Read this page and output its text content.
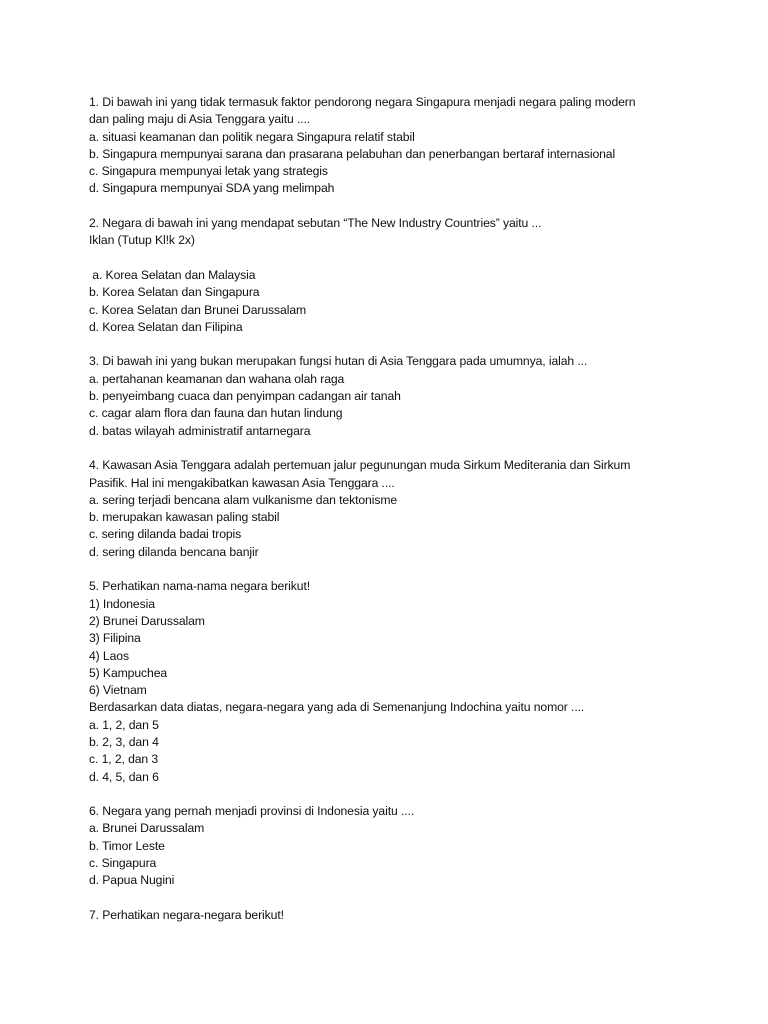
1. Di bawah ini yang tidak termasuk faktor pendorong negara Singapura menjadi negara paling modern
dan paling maju di Asia Tenggara yaitu ....
a. situasi keamanan dan politik negara Singapura relatif stabil
b. Singapura mempunyai sarana dan prasarana pelabuhan dan penerbangan bertaraf internasional
c. Singapura mempunyai letak yang strategis
d. Singapura mempunyai SDA yang melimpah
2. Negara di bawah ini yang mendapat sebutan “The New Industry Countries” yaitu ...
Iklan (Tutup Kl!k 2x)
a. Korea Selatan dan Malaysia
b. Korea Selatan dan Singapura
c. Korea Selatan dan Brunei Darussalam
d. Korea Selatan dan Filipina
3. Di bawah ini yang bukan merupakan fungsi hutan di Asia Tenggara pada umumnya, ialah ...
a. pertahanan keamanan dan wahana olah raga
b. penyeimbang cuaca dan penyimpan cadangan air tanah
c. cagar alam flora dan fauna dan hutan lindung
d. batas wilayah administratif antarnegara
4. Kawasan Asia Tenggara adalah pertemuan jalur pegunungan muda Sirkum Mediterania dan Sirkum
Pasifik. Hal ini mengakibatkan kawasan Asia Tenggara ....
a. sering terjadi bencana alam vulkanisme dan tektonisme
b. merupakan kawasan paling stabil
c. sering dilanda badai tropis
d. sering dilanda bencana banjir
5. Perhatikan nama-nama negara berikut!
1) Indonesia
2) Brunei Darussalam
3) Filipina
4) Laos
5) Kampuchea
6) Vietnam
Berdasarkan data diatas, negara-negara yang ada di Semenanjung Indochina yaitu nomor ....
a. 1, 2, dan 5
b. 2, 3, dan 4
c. 1, 2, dan 3
d. 4, 5, dan 6
6. Negara yang pernah menjadi provinsi di Indonesia yaitu ....
a. Brunei Darussalam
b. Timor Leste
c. Singapura
d. Papua Nugini
7. Perhatikan negara-negara berikut!
